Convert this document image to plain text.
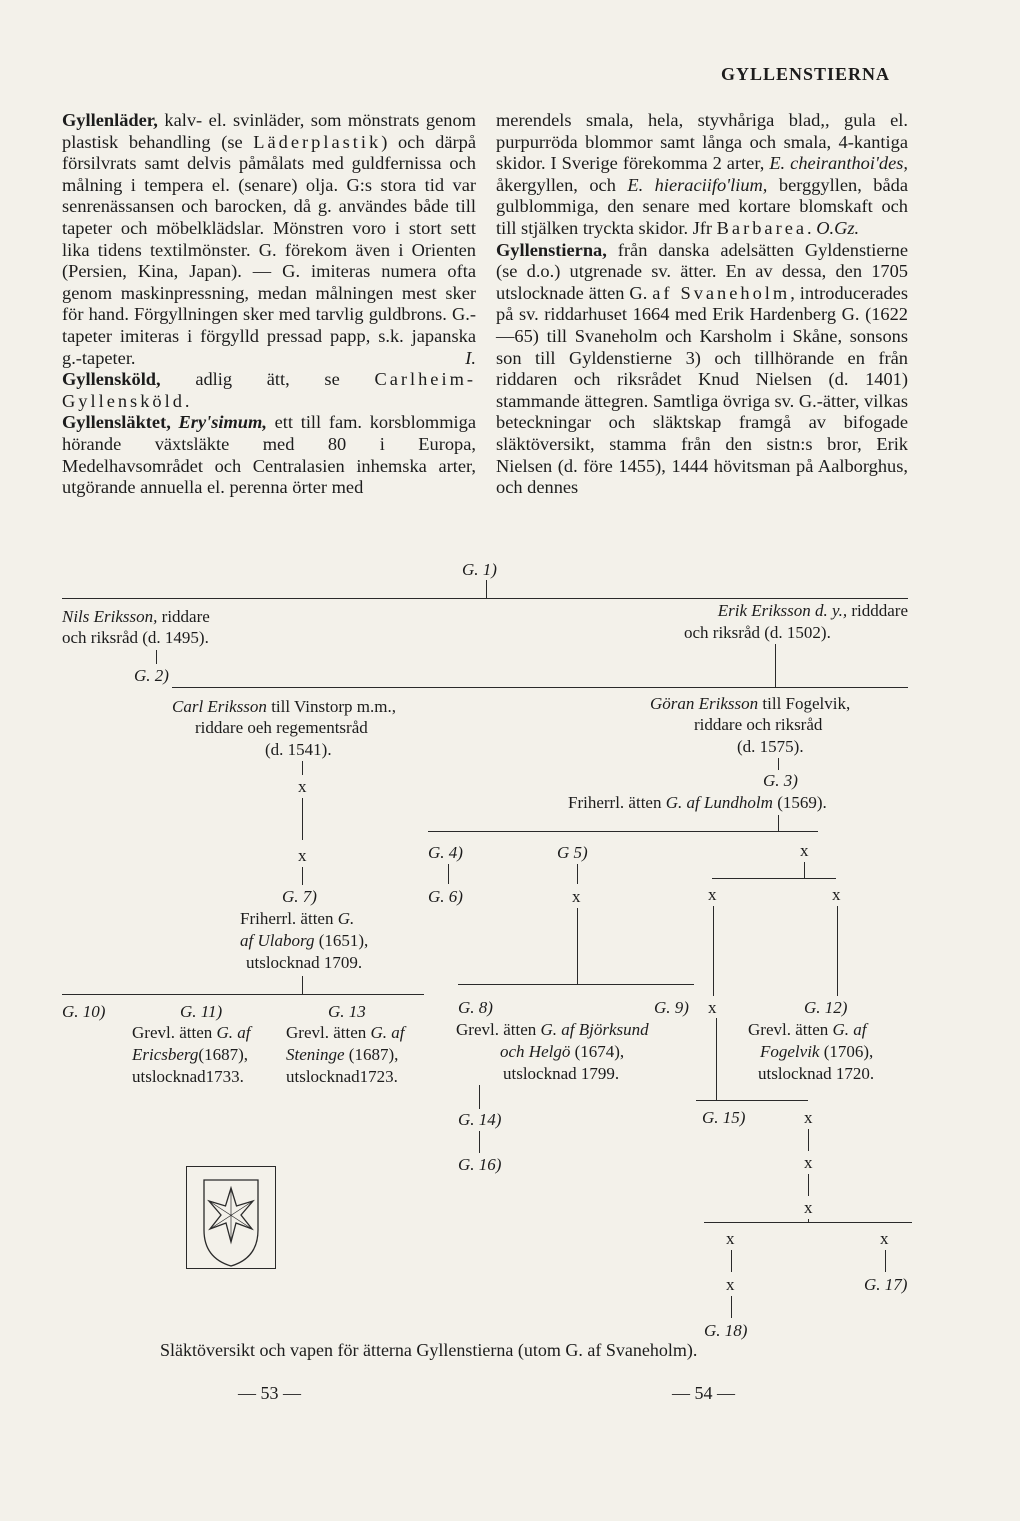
GYLLENSTIERNA

Gyllenläder, kalv- el. svinläder, som mönstrats genom plastisk behandling (se Läderplastik) och därpå försilvrats samt delvis påmålats med guldfernissa och målning i tempera el. (senare) olja. G:s stora tid var senrenässansen och barocken, då g. användes både till tapeter och möbelklädslar. Mönstren voro i stort sett lika tidens textilmönster. G. förekom även i Orienten (Persien, Kina, Japan). — G. imiteras numera ofta genom maskinpressning, medan målningen mest sker för hand. Förgyllningen sker med tarvlig guldbrons. G.-tapeter imiteras i förgylld pressad papp, s.k. japanska g.-tapeter.	I.

Gyllensköld, adlig ätt, se Carlheim-Gyllensköld.

Gyllensläktet, Ery'simum, ett till fam. korsblommiga hörande växtsläkte med 80 i Europa, Medelhavsområdet och Centralasien inhemska arter, utgörande annuella el. perenna örter med

merendels smala, hela, styvhåriga blad,, gula el. purpurröda blommor samt långa och smala, 4-kantiga skidor. I Sverige förekomma 2 arter, E. cheiranthoi'des, åkergyllen, och E. hieraciifo'lium, berggyllen, båda gulblommiga, den senare med kortare blomskaft och till stjälken tryckta skidor. Jfr Barbarea. O.Gz.

Gyllenstierna, från danska adelsätten Gyldenstierne (se d.o.) utgrenade sv. ätter. En av dessa, den 1705 utslocknade ätten G. af Svaneholm, introducerades på sv. riddarhuset 1664 med Erik Hardenberg G. (1622—65) till Svaneholm och Karsholm i Skåne, sonsons son till Gyldenstierne 3) och tillhörande en från riddaren och riksrådet Knud Nielsen (d. 1401) stammande ättegren. Samtliga övriga sv. G.-ätter, vilkas beteckningar och släktskap framgå av bifogade släktöversikt, stamma från den sistn:s bror, Erik Nielsen (d. före 1455), 1444 hövitsman på Aalborghus, och dennes

G. 1)
Nils Eriksson, riddare
och riksråd (d. 1495).
G. 2)
Erik Eriksson d. y., ridddare
och riksråd (d. 1502).
Carl Eriksson till Vinstorp m.m.,
riddare oeh regementsråd
(d. 1541).
x
x
G. 7)
Friherrl. ätten G.
af Ulaborg (1651),
utslocknad 1709.
G. 10)	G. 11)	G. 13
Grevl. ätten G. af
Ericsberg(1687),
utslocknad1733.
Grevl. ätten G. af
Steninge (1687),
utslocknad1723.
Göran Eriksson till Fogelvik,
riddare och riksråd
(d. 1575).
G. 3)
Friherrl. ätten G. af Lundholm (1569).
G. 4)
G. 6)
G 5)
x
x
x	x
G. 8)	G. 9) x
Grevl. ätten G. af Björksund
och Helgö (1674),
utslocknad 1799.
G. 14)
G. 16)
G. 15)	x
x
x
x	x
x	G. 17)
G. 18)
Grevl. ätten G. af
G. 12)
Fogelvik (1706),
utslocknad 1720.
Släktöversikt och vapen för ätterna Gyllenstierna (utom G. af Svaneholm).
— 53 —	— 54 —
